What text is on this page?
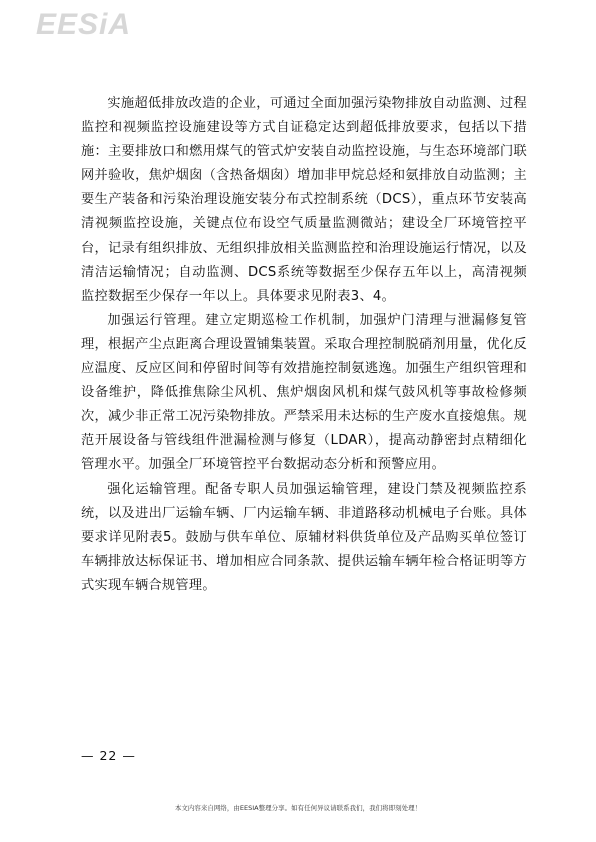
EESiA

实施超低排放改造的企业，可通过全面加强污染物排放自动监测、过程监控和视频监控设施建设等方式自证稳定达到超低排放要求，包括以下措施：主要排放口和燃用煤气的管式炉安装自动监控设施，与生态环境部门联网并验收，焦炉烟囱（含热备烟囱）增加非甲烷总烃和氨排放自动监测；主要生产装备和污染治理设施安装分布式控制系统（DCS），重点环节安装高清视频监控设施，关键点位布设空气质量监测微站；建设全厂环境管控平台，记录有组织排放、无组织排放相关监测监控和治理设施运行情况，以及清洁运输情况；自动监测、DCS系统等数据至少保存五年以上，高清视频监控数据至少保存一年以上。具体要求见附表3、4。

加强运行管理。建立定期巡检工作机制，加强炉门清理与泄漏修复管理，根据产尘点距离合理设置铺集装置。采取合理控制脱硝剂用量，优化反应温度、反应区间和停留时间等有效措施控制氨逃逸。加强生产组织管理和设备维护，降低推焦除尘风机、焦炉烟囱风机和煤气鼓风机等事故检修频次，减少非正常工况污染物排放。严禁采用未达标的生产废水直接熄焦。规范开展设备与管线组件泄漏检测与修复（LDAR），提高动静密封点精细化管理水平。加强全厂环境管控平台数据动态分析和预警应用。

强化运输管理。配备专职人员加强运输管理，建设门禁及视频监控系统，以及进出厂运输车辆、厂内运输车辆、非道路移动机械电子台账。具体要求详见附表5。鼓励与供车单位、原辅材料供货单位及产品购买单位签订车辆排放达标保证书、增加相应合同条款、提供运输车辆年检合格证明等方式实现车辆合规管理。

— 22 —
本文内容来自网络，由EESIA整理分享。如有任何异议请联系我们，我们将即刻处理！
